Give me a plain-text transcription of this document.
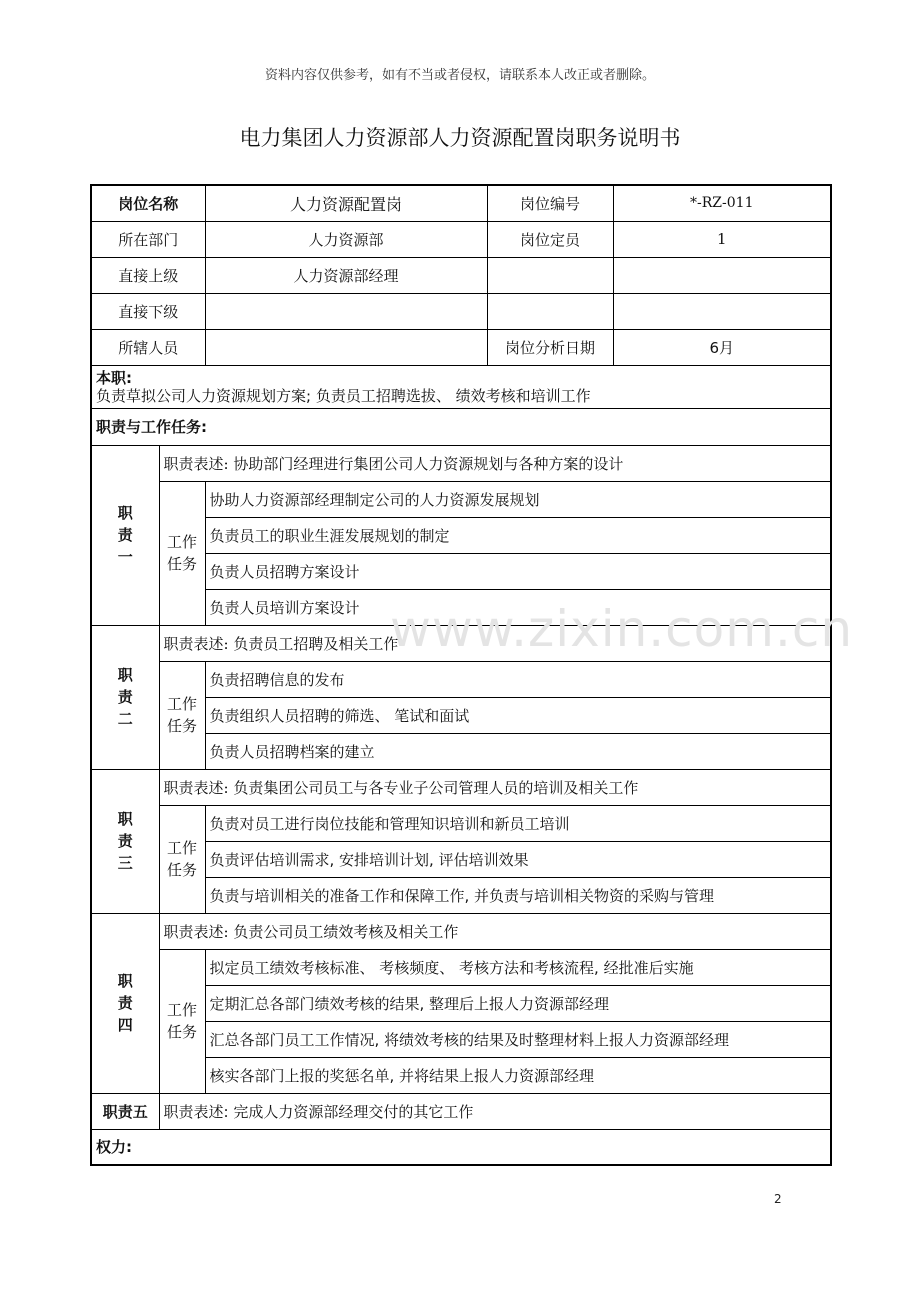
资料内容仅供参考，如有不当或者侵权，请联系本人改正或者删除。
电力集团人力资源部人力资源配置岗职务说明书
岗位名称		人力资源配置岗	岗位编号	*-RZ-011
所在部门		人力资源部	岗位定员	1
直接上级		人力资源部经理		
直接下级				
所辖人员			岗位分析日期	6月

本职:
负责草拟公司人力资源规划方案; 负责员工招聘选拔、 绩效考核和培训工作				

职责与工作任务:				

职
责
一	职责表述: 协助部门经理进行集团公司人力资源规划与各种方案的设计			

	工作
任务	协助人力资源部经理制定公司的人力资源发展规划		
		负责员工的职业生涯发展规划的制定		
		负责人员招聘方案设计		
		负责人员培训方案设计		

职
责
二	职责表述: 负责员工招聘及相关工作			

	工作
任务	负责招聘信息的发布		
		负责组织人员招聘的筛选、 笔试和面试		
		负责人员招聘档案的建立		

职
责
三	职责表述: 负责集团公司员工与各专业子公司管理人员的培训及相关工作			

	工作
任务	负责对员工进行岗位技能和管理知识培训和新员工培训		
		负责评估培训需求, 安排培训计划, 评估培训效果		
		负责与培训相关的准备工作和保障工作, 并负责与培训相关物资的采购与管理		

职
责
四	职责表述: 负责公司员工绩效考核及相关工作			

	工作
任务	拟定员工绩效考核标准、 考核频度、 考核方法和考核流程, 经批准后实施		
		定期汇总各部门绩效考核的结果, 整理后上报人力资源部经理		
		汇总各部门员工工作情况, 将绩效考核的结果及时整理材料上报人力资源部经理		
		核实各部门上报的奖惩名单, 并将结果上报人力资源部经理		
职责五	职责表述: 完成人力资源部经理交付的其它工作			
权力:				
www.zixin.com.cn
2
